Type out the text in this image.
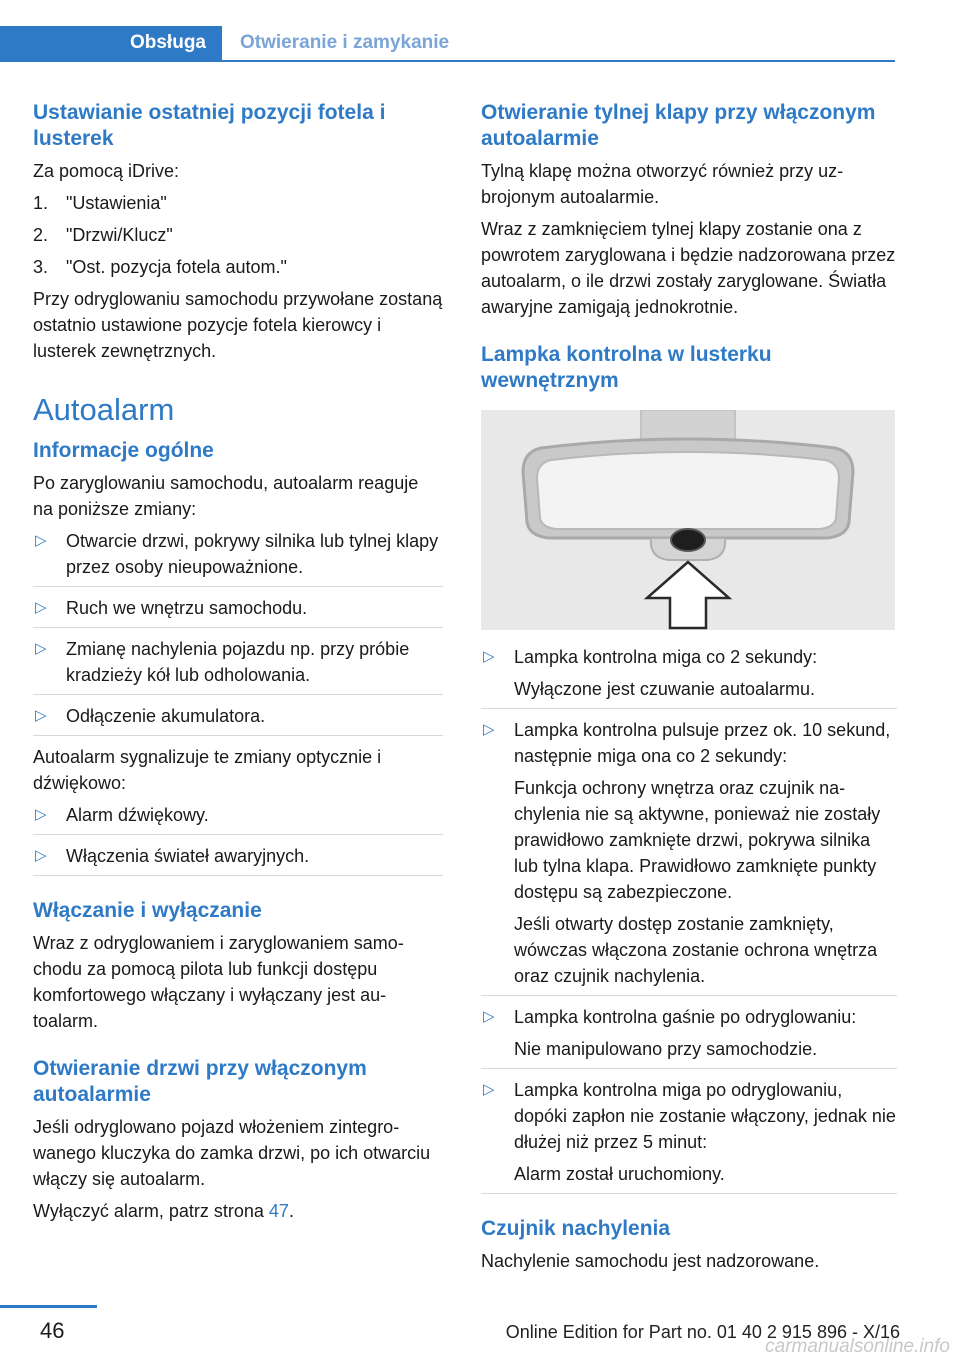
Obsługa Otwieranie i zamykanie
Ustawianie ostatniej pozycji fotela i lusterek

Za pomocą iDrive:

1. "Ustawienia"
2. "Drzwi/Klucz"
3. "Ost. pozycja fotela autom."

Przy odryglowaniu samochodu przywołane zostaną ostatnio ustawione pozycje fotela kierowcy i lusterek zewnętrznych.

Autoalarm
Informacje ogólne

Po zaryglowaniu samochodu, autoalarm reaguje na poniższe zmiany:

▷ Otwarcie drzwi, pokrywy silnika lub tylnej klapy przez osoby nieupoważnione.
▷ Ruch we wnętrzu samochodu.
▷ Zmianę nachylenia pojazdu np. przy próbie kradzieży kół lub odholowania.
▷ Odłączenie akumulatora.

Autoalarm sygnalizuje te zmiany optycznie i dźwiękowo:

▷ Alarm dźwiękowy.
▷ Włączenia świateł awaryjnych.
Włączanie i wyłączanie

Wraz z odryglowaniem i zaryglowaniem samochodu za pomocą pilota lub funkcji dostępu komfortowego włączany i wyłączany jest autoalarm.

Otwieranie drzwi przy włączonym autoalarmie

Jeśli odryglowano pojazd włożeniem zintegrowanego kluczyka do zamka drzwi, po ich otwarciu włączy się autoalarm.

Wyłączyć alarm, patrz strona 47.

Otwieranie tylnej klapy przy włączonym autoalarmie

Tylną klapę można otworzyć również przy uzbrojonym autoalarmie.

Wraz z zamknięciem tylnej klapy zostanie ona z powrotem zaryglowana i będzie nadzorowana przez autoalarm, o ile drzwi zostały zaryglowane. Światła awaryjne zamigają jednokrotnie.

Lampka kontrolna w lusterku wewnętrznym
▷ Lampka kontrolna miga co 2 sekundy:
Wyłączone jest czuwanie autoalarmu.
▷ Lampka kontrolna pulsuje przez ok. 10 sekund, następnie miga ona co 2 sekundy:
Funkcja ochrony wnętrza oraz czujnik nachylenia nie są aktywne, ponieważ nie zostały prawidłowo zamknięte drzwi, pokrywa silnika lub tylna klapa. Prawidłowo zamknięte punkty dostępu są zabezpieczone.
Jeśli otwarty dostęp zostanie zamknięty, wówczas włączona zostanie ochrona wnętrza oraz czujnik nachylenia.
▷ Lampka kontrolna gaśnie po odryglowaniu:
Nie manipulowano przy samochodzie.
▷ Lampka kontrolna miga po odryglowaniu, dopóki zapłon nie zostanie włączony, jednak nie dłużej niż przez 5 minut:
Alarm został uruchomiony.
Czujnik nachylenia

Nachylenie samochodu jest nadzorowane.

46	Online Edition for Part no. 01 40 2 915 896 - X/16
carmanualsonline.info
